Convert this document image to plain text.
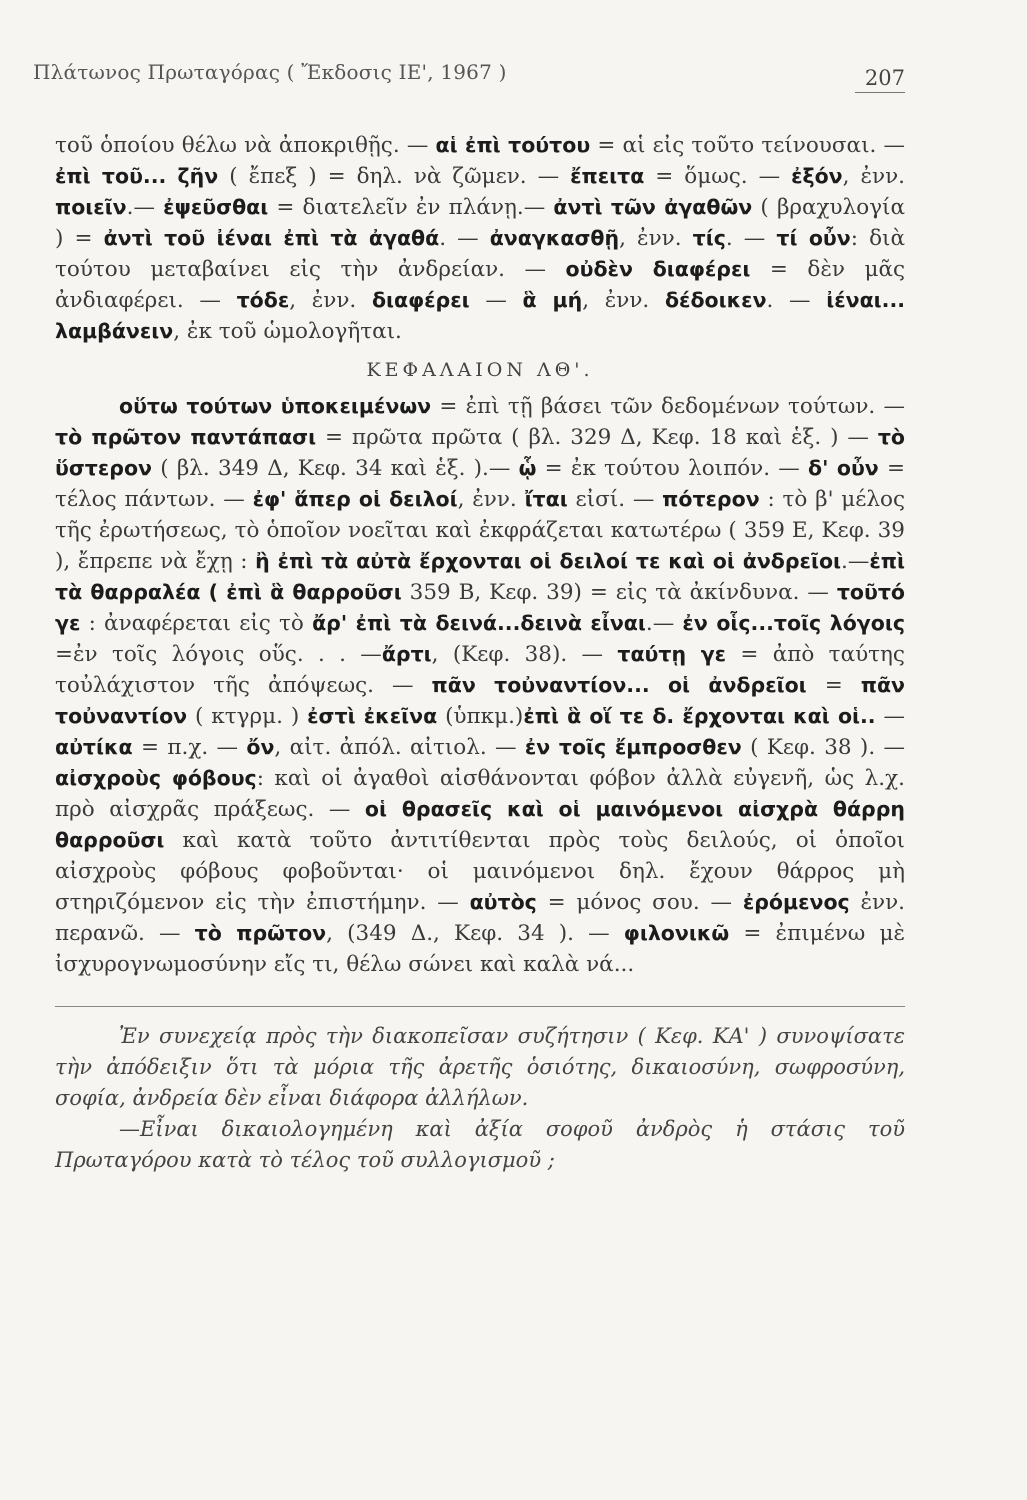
Πλάτωνος Πρωταγόρας ( Ἔκδοσις ΙΕ', 1967 )	207

τοῦ ὁποίου θέλω νὰ ἀποκριθῇς. — αἱ ἐπὶ τούτου = αἱ εἰς τοῦτο τείνουσαι. — ἐπὶ τοῦ... ζῆν ( ἔπεξ ) = δηλ. νὰ ζῶμεν. — ἔπειτα = ὅμως. — ἐξόν, ἐνν. ποιεῖν.— ἐψεῦσθαι = διατελεῖν ἐν πλάνῃ.— ἀντὶ τῶν ἀγαθῶν ( βραχυλογία ) = ἀντὶ τοῦ ἰέναι ἐπὶ τὰ ἀγαθά. — ἀναγκασθῇ, ἐνν. τίς. — τί οὖν: διὰ τούτου μεταβαίνει εἰς τὴν ἀνδρείαν. — οὐδὲν διαφέρει = δὲν μᾶς ἀνδιαφέρει. — τόδε, ἐνν. διαφέρει — ἃ μή, ἐνν. δέδοικεν. — ἰέναι... λαμβάνειν, ἐκ τοῦ ὡμολογῆται.

ΚΕΦΑΛΑΙΟΝ ΛΘ'.

οὕτω τούτων ὑποκειμένων = ἐπὶ τῇ βάσει τῶν δεδομένων τούτων. — τὸ πρῶτον παντάπασι = πρῶτα πρῶτα ( βλ. 329 Δ, Κεφ. 18 καὶ ἑξ. ) — τὸ ὕστερον ( βλ. 349 Δ, Κεφ. 34 καὶ ἑξ. ).— ᾧ = ἐκ τούτου λοιπόν. — δ' οὖν = τέλος πάντων. — ἐφ' ἅπερ οἱ δειλοί, ἐνν. ἴται εἰσί. — πότερον : τὸ β' μέλος τῆς ἐρωτήσεως, τὸ ὁποῖον νοεῖται καὶ ἐκφράζεται κατωτέρω ( 359 Ε, Κεφ. 39 ), ἔπρεπε νὰ ἔχῃ : ἢ ἐπὶ τὰ αὐτὰ ἔρχονται οἱ δειλοί τε καὶ οἱ ἀνδρεῖοι.—ἐπὶ τὰ θαρραλέα ( ἐπὶ ἃ θαρροῦσι 359 Β, Κεφ. 39) = εἰς τὰ ἀκίνδυνα. — τοῦτό γε : ἀναφέρεται εἰς τὸ ἄρ' ἐπὶ τὰ δεινά...δεινὰ εἶναι.— ἐν οἷς...τοῖς λόγοις =ἐν τοῖς λόγοις οὕς. . . —ἄρτι, (Κεφ. 38). — ταύτῃ γε = ἀπὸ ταύτης τοὐλάχιστον τῆς ἀπόψεως. — πᾶν τοὐναντίον... οἱ ἀνδρεῖοι = πᾶν τοὐναντίον ( κτγρμ. ) ἐστὶ ἐκεῖνα (ὑπκμ.)ἐπὶ ἃ οἵ τε δ. ἔρχονται καὶ οἱ.. — αὐτίκα = π.χ. — ὄν, αἰτ. ἀπόλ. αἰτιολ. — ἐν τοῖς ἔμπροσθεν ( Κεφ. 38 ). — αἰσχροὺς φόβους: καὶ οἱ ἀγαθοὶ αἰσθάνονται φόβον ἀλλὰ εὐγενῆ, ὡς λ.χ. πρὸ αἰσχρᾶς πράξεως. — οἱ θρασεῖς καὶ οἱ μαινόμενοι αἰσχρὰ θάρρη θαρροῦσι καὶ κατὰ τοῦτο ἀντιτίθενται πρὸς τοὺς δειλούς, οἱ ὁποῖοι αἰσχροὺς φόβους φοβοῦνται· οἱ μαινόμενοι δηλ. ἔχουν θάρρος μὴ στηριζόμενον εἰς τὴν ἐπιστήμην. — αὐτὸς = μόνος σου. — ἐρόμενος ἐνν. περανῶ. — τὸ πρῶτον, (349 Δ., Κεφ. 34 ). — φιλονικῶ = ἐπιμένω μὲ ἰσχυρογνωμοσύνην εἴς τι, θέλω σώνει καὶ καλὰ νά...

Ἐν συνεχείᾳ πρὸς τὴν διακοπεῖσαν συζήτησιν ( Κεφ. ΚΑ' ) συνοψίσατε τὴν ἀπόδειξιν ὅτι τὰ μόρια τῆς ἀρετῆς ὁσιότης, δικαιοσύνη, σωφροσύνη, σοφία, ἀνδρεία δὲν εἶναι διάφορα ἀλλήλων.

—Εἶναι δικαιολογημένη καὶ ἀξία σοφοῦ ἀνδρὸς ἡ στάσις τοῦ Πρωταγόρου κατὰ τὸ τέλος τοῦ συλλογισμοῦ ;
